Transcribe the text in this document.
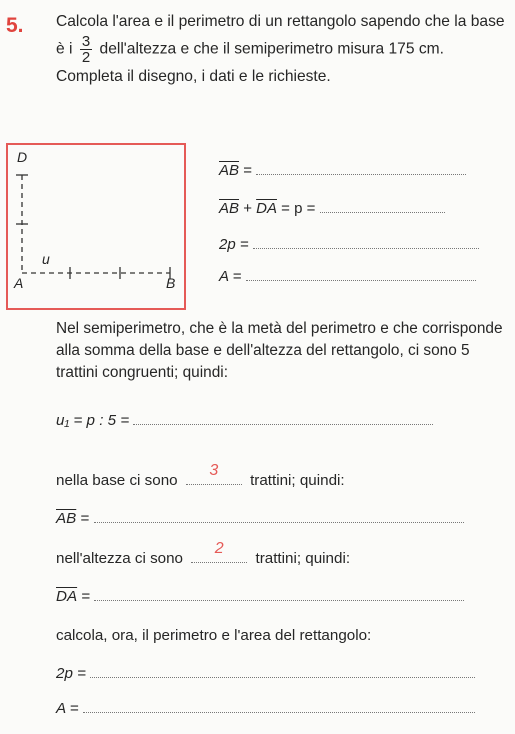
5. Calcola l'area e il perimetro di un rettangolo sapendo che la base è i $\frac{3}{2}$ dell'altezza e che il semiperimetro misura 175 cm. Completa il disegno, i dati e le richieste.
D
A	B
u
$\overline{AB}$ =
$\overline{AB} + \overline{DA} = p$ =
2p =
A =
Nel semiperimetro, che è la metà del perimetro e che corrisponde alla somma della base e dell'altezza del rettangolo, ci sono 5 trattini congruenti; quindi:
u₁ = p : 5 =
nella base ci sono
3
trattini; quindi:
$\overline{AB}$ =
nell'altezza ci sono
2
trattini; quindi:
$\overline{DA}$ =
calcola, ora, il perimetro e l'area del rettangolo:
2p =
A =
